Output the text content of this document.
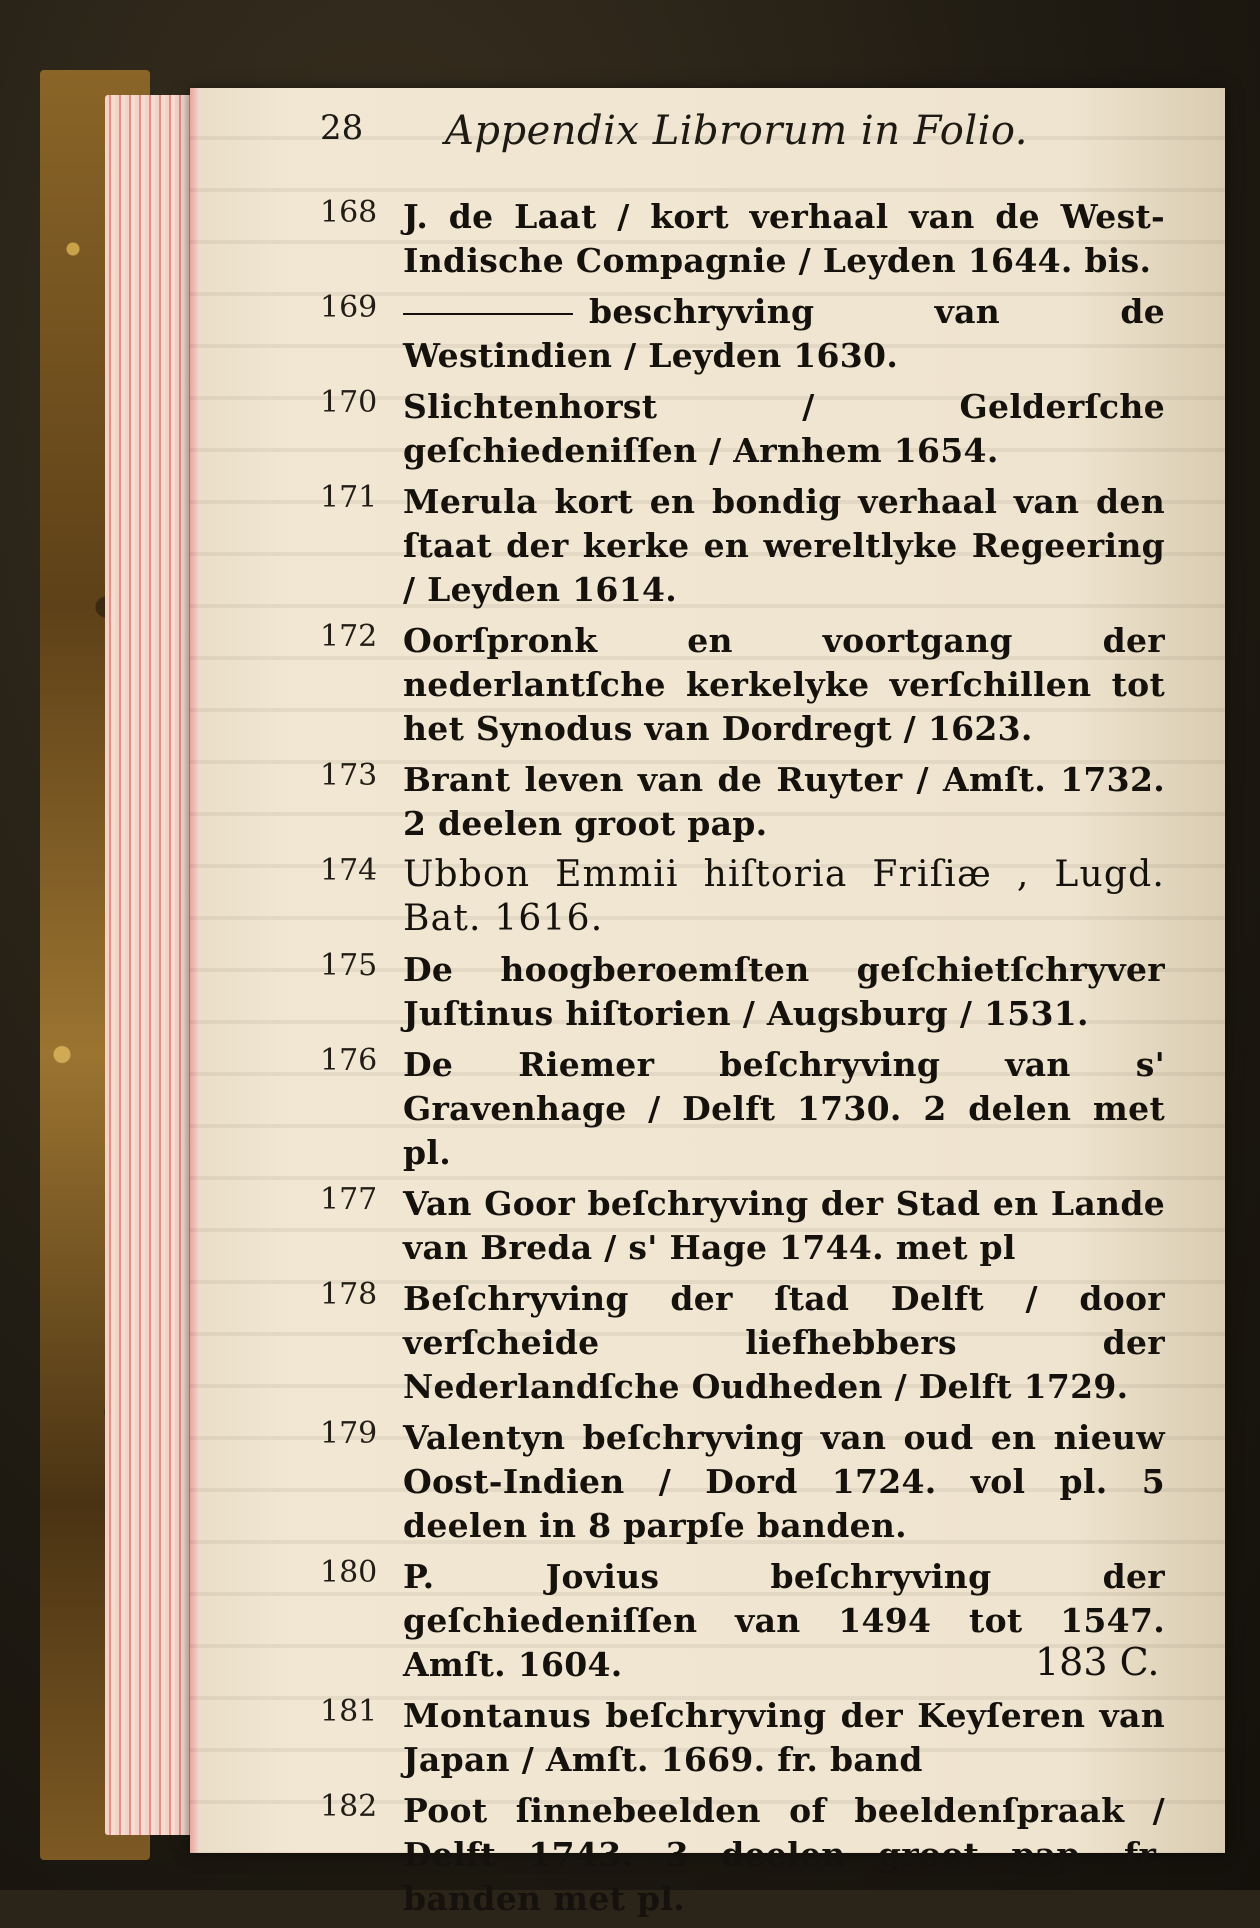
28 Appendix Librorum in Folio.
168 J. de Laat / kort verhaal van de West-Indische Compagnie / Leyden 1644. bis.
169	beschryving van de Westindien / Leyden 1630.
170 Slichtenhorst / Gelderſche geſchiedeniſſen / Arnhem 1654.
171 Merula kort en bondig verhaal van den ſtaat der kerke en wereltlyke Regeering / Leyden 1614.
172 Oorſpronk en voortgang der nederlantſche kerkelyke verſchillen tot het Synodus van Dordregt / 1623.
173 Brant leven van de Ruyter / Amſt. 1732. 2 deelen groot pap.
174 Ubbon Emmii hiſtoria Friſiæ , Lugd. Bat. 1616.
175 De hoogberoemſten geſchietſchryver Juſtinus hiſtorien / Augsburg / 1531.
176 De Riemer beſchryving van s' Gravenhage / Delft 1730. 2 delen met pl.
177 Van Goor beſchryving der Stad en Lande van Breda / s' Hage 1744. met pl
178 Beſchryving der ſtad Delft / door verſcheide liefhebbers der Nederlandſche Oudheden / Delft 1729.
179 Valentyn beſchryving van oud en nieuw Oost-Indien / Dord 1724. vol pl. 5 deelen in 8 parpſe banden.
180 P. Jovius beſchryving der geſchiedeniſſen van 1494 tot 1547. Amſt. 1604.
181 Montanus beſchryving der Keyſeren van Japan / Amſt. 1669. fr. band
182 Poot ſinnebeelden of beeldenſpraak / Delft 1743. 3 deelen groot pap. fr. banden met pl.
183 C.
